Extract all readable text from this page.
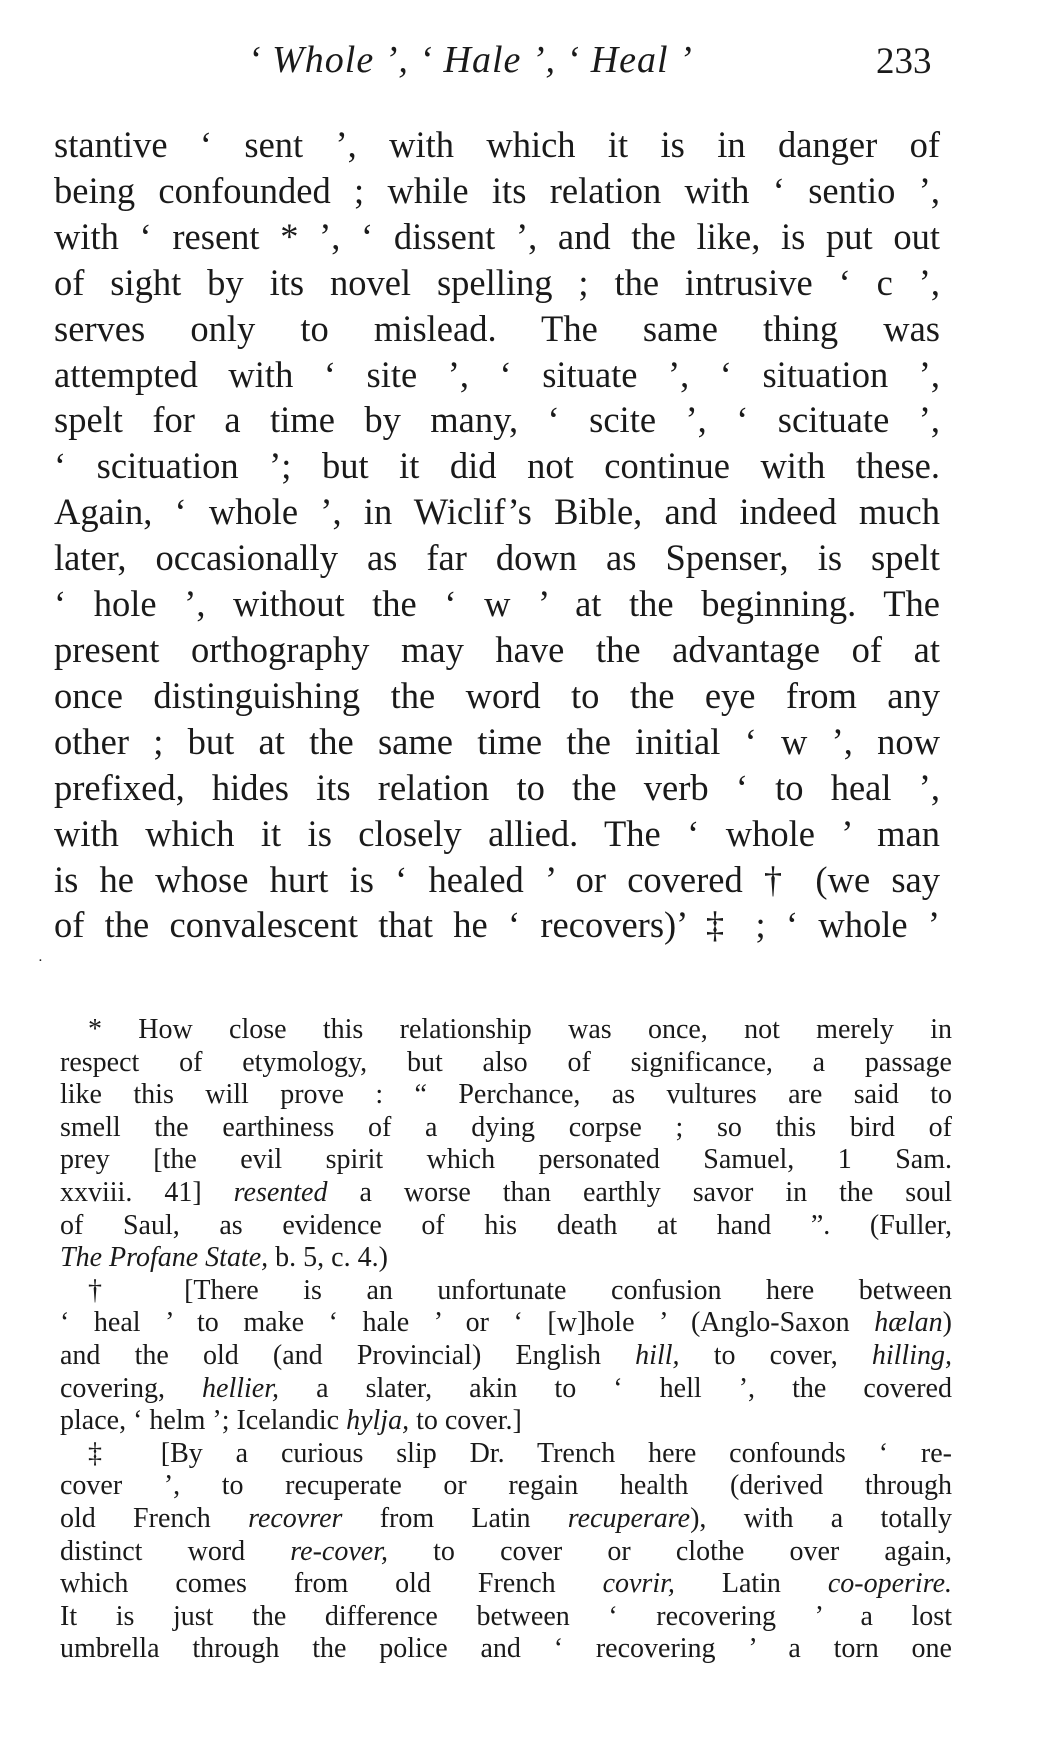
‘ Whole ’, ‘ Hale ’, ‘ Heal ’	233
stantive ‘ sent ’, with which it is in danger of
being confounded ; while its relation with ‘ sentio ’,
with ‘ resent * ’, ‘ dissent ’, and the like, is put out
of sight by its novel spelling ; the intrusive ‘ c ’,
serves only to mislead. The same thing was
attempted with ‘ site ’, ‘ situate ’, ‘ situation ’,
spelt for a time by many, ‘ scite ’, ‘ scituate ’,
‘ scituation ’; but it did not continue with these.
Again, ‘ whole ’, in Wiclif’s Bible, and indeed much
later, occasionally as far down as Spenser, is spelt
‘ hole ’, without the ‘ w ’ at the beginning. The
present orthography may have the advantage of at
once distinguishing the word to the eye from any
other ; but at the same time the initial ‘ w ’, now
prefixed, hides its relation to the verb ‘ to heal ’,
with which it is closely allied. The ‘ whole ’ man
is he whose hurt is ‘ healed ’ or covered † (we say
of the convalescent that he ‘ recovers)’ ‡ ; ‘ whole ’
⋅
* How close this relationship was once, not merely in
respect of etymology, but also of significance, a passage
like this will prove : “ Perchance, as vultures are said to
smell the earthiness of a dying corpse ; so this bird of
prey [the evil spirit which personated Samuel, 1 Sam.
xxviii. 41] resented a worse than earthly savor in the soul
of Saul, as evidence of his death at hand ”. (Fuller,
The Profane State, b. 5, c. 4.)
† [There is an unfortunate confusion here between
‘ heal ’ to make ‘ hale ’ or ‘ [w]hole ’ (Anglo-Saxon hælan)
and the old (and Provincial) English hill, to cover, hilling,
covering, hellier, a slater, akin to ‘ hell ’, the covered
place, ‘ helm ’; Icelandic hylja, to cover.]
‡ [By a curious slip Dr. Trench here confounds ‘ re-
cover ’, to recuperate or regain health (derived through
old French recovrer from Latin recuperare), with a totally
distinct word re-cover, to cover or clothe over again,
which comes from old French covrir, Latin co-operire.
It is just the difference between ‘ recovering ’ a lost
umbrella through the police and ‘ recovering ’ a torn one
